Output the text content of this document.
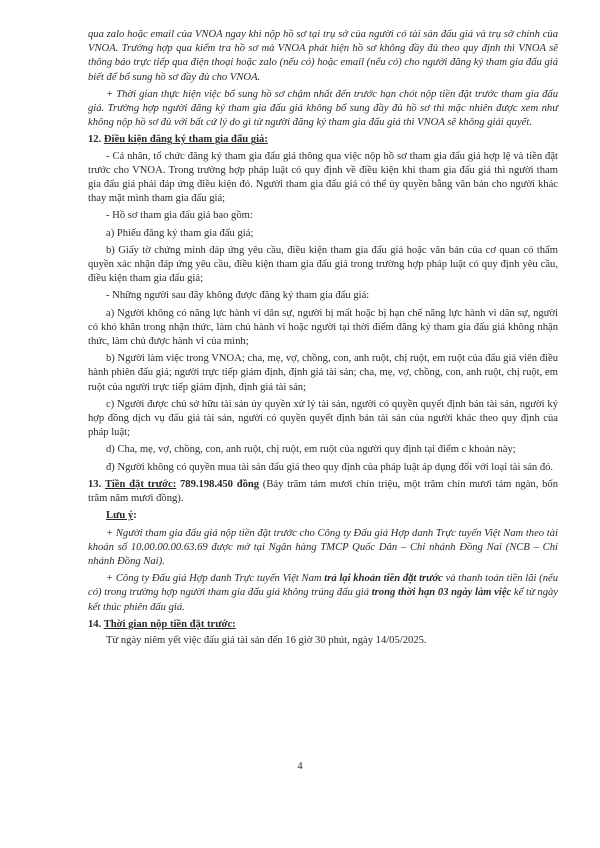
qua zalo hoặc email của VNOA ngay khi nộp hồ sơ tại trụ sở của người có tài sản đấu giá và trụ sở chính của VNOA. Trường hợp qua kiểm tra hồ sơ mà VNOA phát hiện hồ sơ không đầy đủ theo quy định thì VNOA sẽ thông báo trực tiếp qua điện thoại hoặc zalo (nếu có) hoặc email (nếu có) cho người đăng ký tham gia đấu giá biết để bổ sung hồ sơ đầy đủ cho VNOA.

+ Thời gian thực hiện việc bổ sung hồ sơ chậm nhất đến trước hạn chót nộp tiền đặt trước tham gia đấu giá. Trường hợp người đăng ký tham gia đấu giá không bổ sung đầy đủ hồ sơ thì mặc nhiên được xem như không nộp hồ sơ đủ với bất cứ lý do gì từ người đăng ký tham gia đấu giá thì VNOA sẽ không giải quyết.

12. Điều kiện đăng ký tham gia đấu giá:

- Cá nhân, tổ chức đăng ký tham gia đấu giá thông qua việc nộp hồ sơ tham gia đấu giá hợp lệ và tiền đặt trước cho VNOA. Trong trường hợp pháp luật có quy định về điều kiện khi tham gia đấu giá thì người tham gia đấu giá phải đáp ứng điều kiện đó. Người tham gia đấu giá có thể ủy quyền bằng văn bản cho người khác thay mặt mình tham gia đấu giá;

- Hồ sơ tham gia đấu giá bao gồm:

a) Phiếu đăng ký tham gia đấu giá;

b) Giấy tờ chứng minh đáp ứng yêu cầu, điều kiện tham gia đấu giá hoặc văn bản của cơ quan có thẩm quyền xác nhận đáp ứng yêu cầu, điều kiện tham gia đấu giá trong trường hợp pháp luật có quy định yêu cầu, điều kiện tham gia đấu giá;

- Những người sau đây không được đăng ký tham gia đấu giá:

a) Người không có năng lực hành vi dân sự, người bị mất hoặc bị hạn chế năng lực hành vi dân sự, người có khó khăn trong nhận thức, làm chủ hành vi hoặc người tại thời điểm đăng ký tham gia đấu giá không nhận thức, làm chủ được hành vi của mình;

b) Người làm việc trong VNOA; cha, mẹ, vợ, chồng, con, anh ruột, chị ruột, em ruột của đấu giá viên điều hành phiên đấu giá; người trực tiếp giám định, định giá tài sản; cha, mẹ, vợ, chồng, con, anh ruột, chị ruột, em ruột của người trực tiếp giám định, định giá tài sản;

c) Người được chủ sở hữu tài sản ủy quyền xử lý tài sản, người có quyền quyết định bán tài sản, người ký hợp đồng dịch vụ đấu giá tài sản, người có quyền quyết định bán tài sản của người khác theo quy định của pháp luật;

d) Cha, mẹ, vợ, chồng, con, anh ruột, chị ruột, em ruột của người quy định tại điểm c khoản này;

đ) Người không có quyền mua tài sản đấu giá theo quy định của pháp luật áp dụng đối với loại tài sản đó.

13. Tiền đặt trước: 789.198.450 đồng (Bảy trăm tám mươi chín triệu, một trăm chín mươi tám ngàn, bốn trăm năm mươi đồng).

Lưu ý:

+ Người tham gia đấu giá nộp tiền đặt trước cho Công ty Đấu giá Hợp danh Trực tuyến Việt Nam theo tài khoản số 10.00.00.00.63.69 được mở tại Ngân hàng TMCP Quốc Dân – Chi nhánh Đồng Nai (NCB – Chi nhánh Đồng Nai).

+ Công ty Đấu giá Hợp danh Trực tuyến Việt Nam trả lại khoản tiền đặt trước và thanh toán tiền lãi (nếu có) trong trường hợp người tham gia đấu giá không trúng đấu giá trong thời hạn 03 ngày làm việc kể từ ngày kết thúc phiên đấu giá.

14. Thời gian nộp tiền đặt trước:

Từ ngày niêm yết việc đấu giá tài sản đến 16 giờ 30 phút, ngày 14/05/2025.

4
